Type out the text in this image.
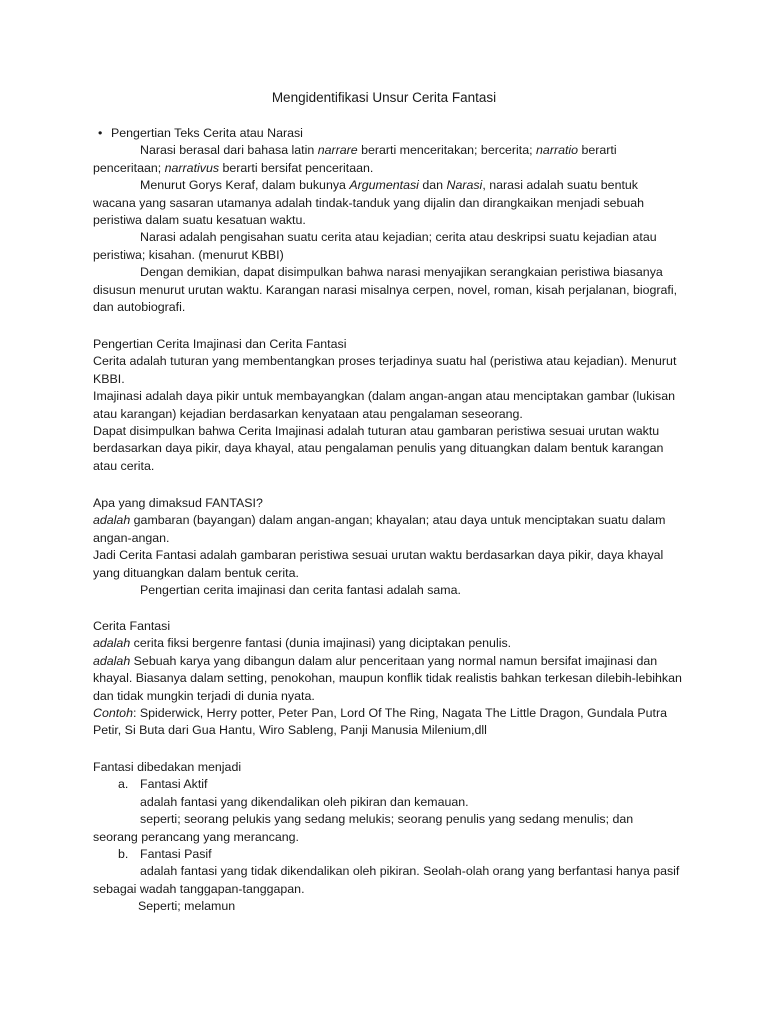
Mengidentifikasi Unsur Cerita Fantasi
• Pengertian Teks Cerita atau Narasi

Narasi berasal dari bahasa latin narrare berarti menceritakan; bercerita; narratio berarti penceritaan; narrativus berarti bersifat penceritaan.

Menurut Gorys Keraf, dalam bukunya Argumentasi dan Narasi, narasi adalah suatu bentuk wacana yang sasaran utamanya adalah tindak-tanduk yang dijalin dan dirangkaikan menjadi sebuah peristiwa dalam suatu kesatuan waktu.

Narasi adalah pengisahan suatu cerita atau kejadian; cerita atau deskripsi suatu kejadian atau peristiwa; kisahan. (menurut KBBI)

Dengan demikian, dapat disimpulkan bahwa narasi menyajikan serangkaian peristiwa biasanya disusun menurut urutan waktu. Karangan narasi misalnya cerpen, novel, roman, kisah perjalanan, biografi, dan autobiografi.

Pengertian Cerita Imajinasi dan Cerita Fantasi

Cerita adalah tuturan yang membentangkan proses terjadinya suatu hal (peristiwa atau kejadian). Menurut KBBI.

Imajinasi adalah daya pikir untuk membayangkan (dalam angan-angan atau menciptakan gambar (lukisan atau karangan) kejadian berdasarkan kenyataan atau pengalaman seseorang.

Dapat disimpulkan bahwa Cerita Imajinasi adalah tuturan atau gambaran peristiwa sesuai urutan waktu berdasarkan daya pikir, daya khayal, atau pengalaman penulis yang dituangkan dalam bentuk karangan atau cerita.

Apa yang dimaksud FANTASI?

adalah gambaran (bayangan) dalam angan-angan; khayalan; atau daya untuk menciptakan suatu dalam angan-angan.

Jadi Cerita Fantasi adalah gambaran peristiwa sesuai urutan waktu berdasarkan daya pikir, daya khayal yang dituangkan dalam bentuk cerita.

Pengertian cerita imajinasi dan cerita fantasi adalah sama.

Cerita Fantasi

adalah cerita fiksi bergenre fantasi (dunia imajinasi) yang diciptakan penulis.

adalah Sebuah karya yang dibangun dalam alur penceritaan yang normal namun bersifat imajinasi dan khayal. Biasanya dalam setting, penokohan, maupun konflik tidak realistis bahkan terkesan dilebih-lebihkan dan tidak mungkin terjadi di dunia nyata.

Contoh: Spiderwick, Herry potter, Peter Pan, Lord Of The Ring, Nagata The Little Dragon, Gundala Putra Petir, Si Buta dari Gua Hantu, Wiro Sableng, Panji Manusia Milenium,dll

Fantasi dibedakan menjadi

a. Fantasi Aktif

adalah fantasi yang dikendalikan oleh pikiran dan kemauan.

seperti; seorang pelukis yang sedang melukis; seorang penulis yang sedang menulis; dan

seorang perancang yang merancang.

b. Fantasi Pasif

adalah fantasi yang tidak dikendalikan oleh pikiran. Seolah-olah orang yang berfantasi hanya pasif sebagai wadah tanggapan-tanggapan.

Seperti; melamun
